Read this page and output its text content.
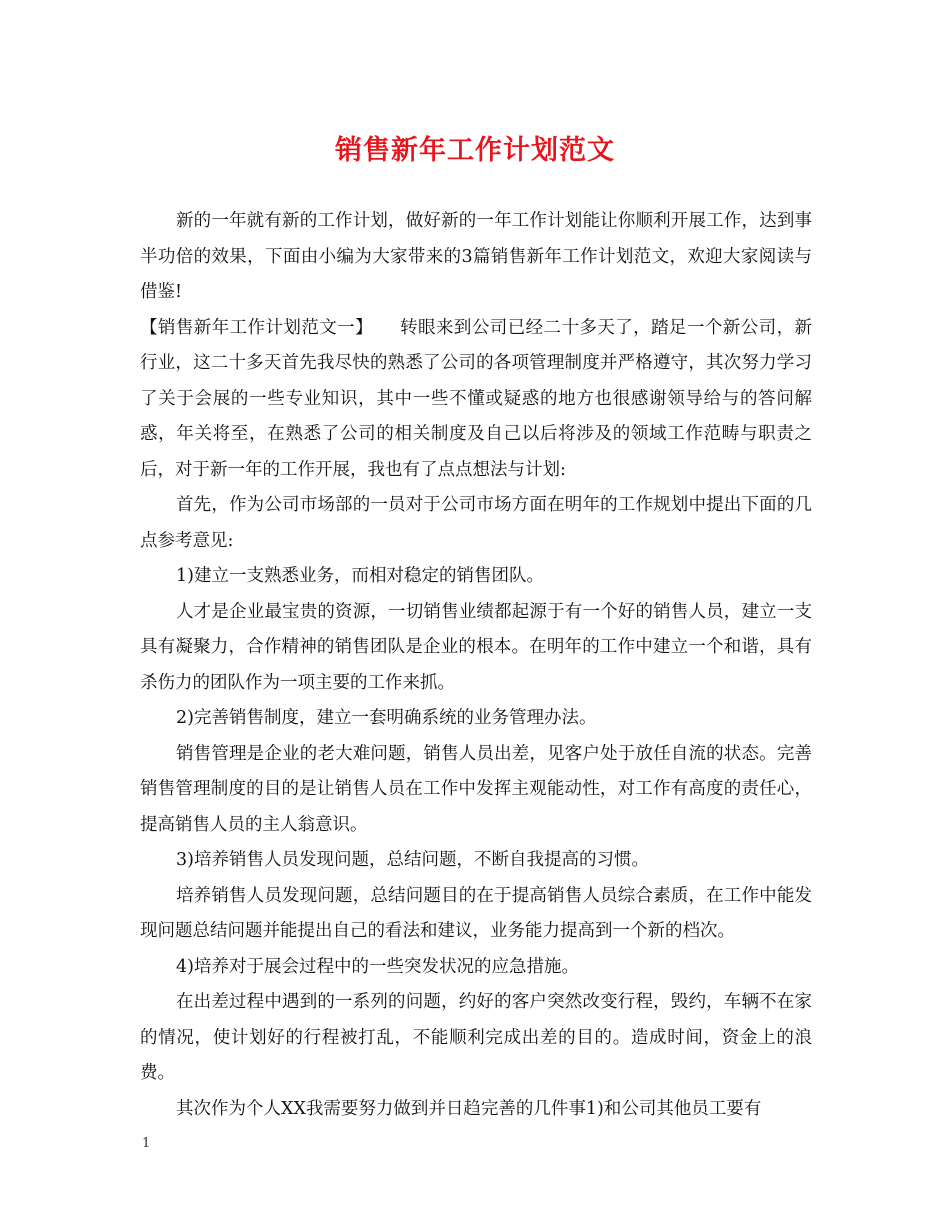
销售新年工作计划范文

新的一年就有新的工作计划，做好新的一年工作计划能让你顺利开展工作，达到事半功倍的效果，下面由小编为大家带来的3篇销售新年工作计划范文，欢迎大家阅读与借鉴!

【销售新年工作计划范文一】　　转眼来到公司已经二十多天了，踏足一个新公司，新行业，这二十多天首先我尽快的熟悉了公司的各项管理制度并严格遵守，其次努力学习了关于会展的一些专业知识，其中一些不懂或疑惑的地方也很感谢领导给与的答问解惑，年关将至，在熟悉了公司的相关制度及自己以后将涉及的领域工作范畴与职责之后，对于新一年的工作开展，我也有了点点想法与计划:

首先，作为公司市场部的一员对于公司市场方面在明年的工作规划中提出下面的几点参考意见:

1)建立一支熟悉业务，而相对稳定的销售团队。

人才是企业最宝贵的资源，一切销售业绩都起源于有一个好的销售人员，建立一支具有凝聚力，合作精神的销售团队是企业的根本。在明年的工作中建立一个和谐，具有杀伤力的团队作为一项主要的工作来抓。

2)完善销售制度，建立一套明确系统的业务管理办法。

销售管理是企业的老大难问题，销售人员出差，见客户处于放任自流的状态。完善销售管理制度的目的是让销售人员在工作中发挥主观能动性，对工作有高度的责任心，提高销售人员的主人翁意识。

3)培养销售人员发现问题，总结问题，不断自我提高的习惯。

培养销售人员发现问题，总结问题目的在于提高销售人员综合素质，在工作中能发现问题总结问题并能提出自己的看法和建议，业务能力提高到一个新的档次。

4)培养对于展会过程中的一些突发状况的应急措施。

在出差过程中遇到的一系列的问题，约好的客户突然改变行程，毁约，车辆不在家的情况，使计划好的行程被打乱，不能顺利完成出差的目的。造成时间，资金上的浪费。

其次作为个人XX我需要努力做到并日趋完善的几件事1)和公司其他员工要有

1
